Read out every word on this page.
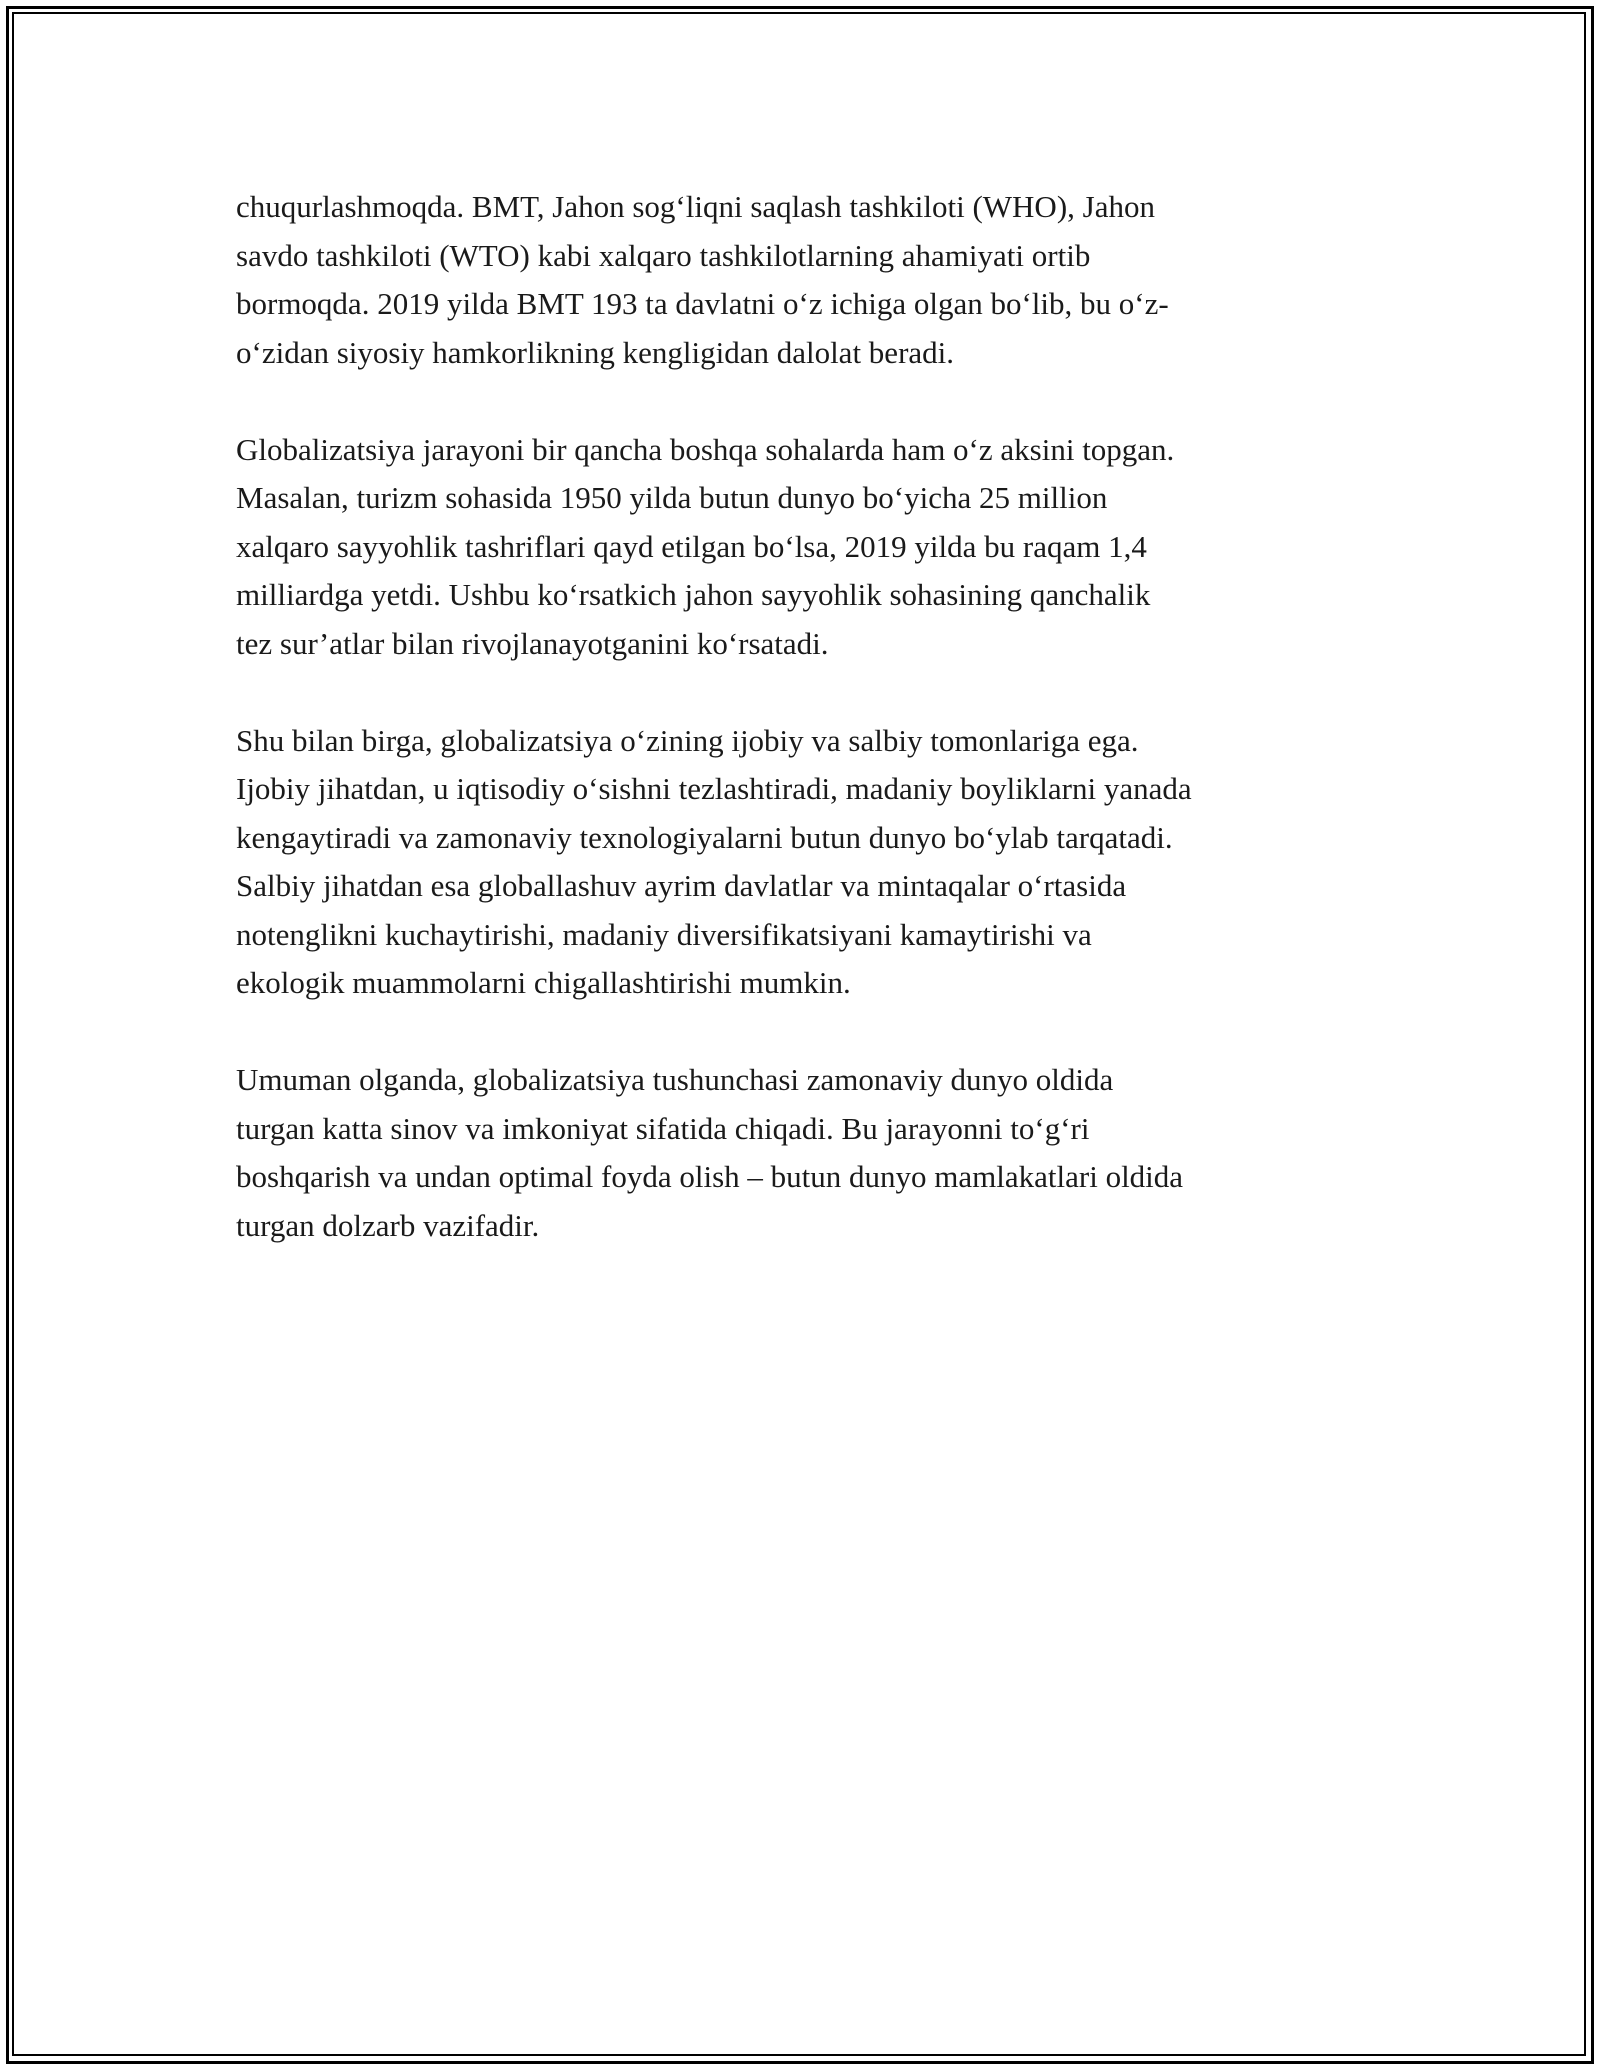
chuqurlashmoqda. BMT, Jahon sog‘liqni saqlash tashkiloti (WHO), Jahon
savdo tashkiloti (WTO) kabi xalqaro tashkilotlarning ahamiyati ortib
bormoqda. 2019 yilda BMT 193 ta davlatni o‘z ichiga olgan bo‘lib, bu o‘z-
o‘zidan siyosiy hamkorlikning kengligidan dalolat beradi.

Globalizatsiya jarayoni bir qancha boshqa sohalarda ham o‘z aksini topgan.
Masalan, turizm sohasida 1950 yilda butun dunyo bo‘yicha 25 million
xalqaro sayyohlik tashriflari qayd etilgan bo‘lsa, 2019 yilda bu raqam 1,4
milliardga yetdi. Ushbu ko‘rsatkich jahon sayyohlik sohasining qanchalik
tez sur’atlar bilan rivojlanayotganini ko‘rsatadi.

Shu bilan birga, globalizatsiya o‘zining ijobiy va salbiy tomonlariga ega.
Ijobiy jihatdan, u iqtisodiy o‘sishni tezlashtiradi, madaniy boyliklarni yanada
kengaytiradi va zamonaviy texnologiyalarni butun dunyo bo‘ylab tarqatadi.
Salbiy jihatdan esa globallashuv ayrim davlatlar va mintaqalar o‘rtasida
notenglikni kuchaytirishi, madaniy diversifikatsiyani kamaytirishi va
ekologik muammolarni chigallashtirishi mumkin.

Umuman olganda, globalizatsiya tushunchasi zamonaviy dunyo oldida
turgan katta sinov va imkoniyat sifatida chiqadi. Bu jarayonni to‘g‘ri
boshqarish va undan optimal foyda olish – butun dunyo mamlakatlari oldida
turgan dolzarb vazifadir.
